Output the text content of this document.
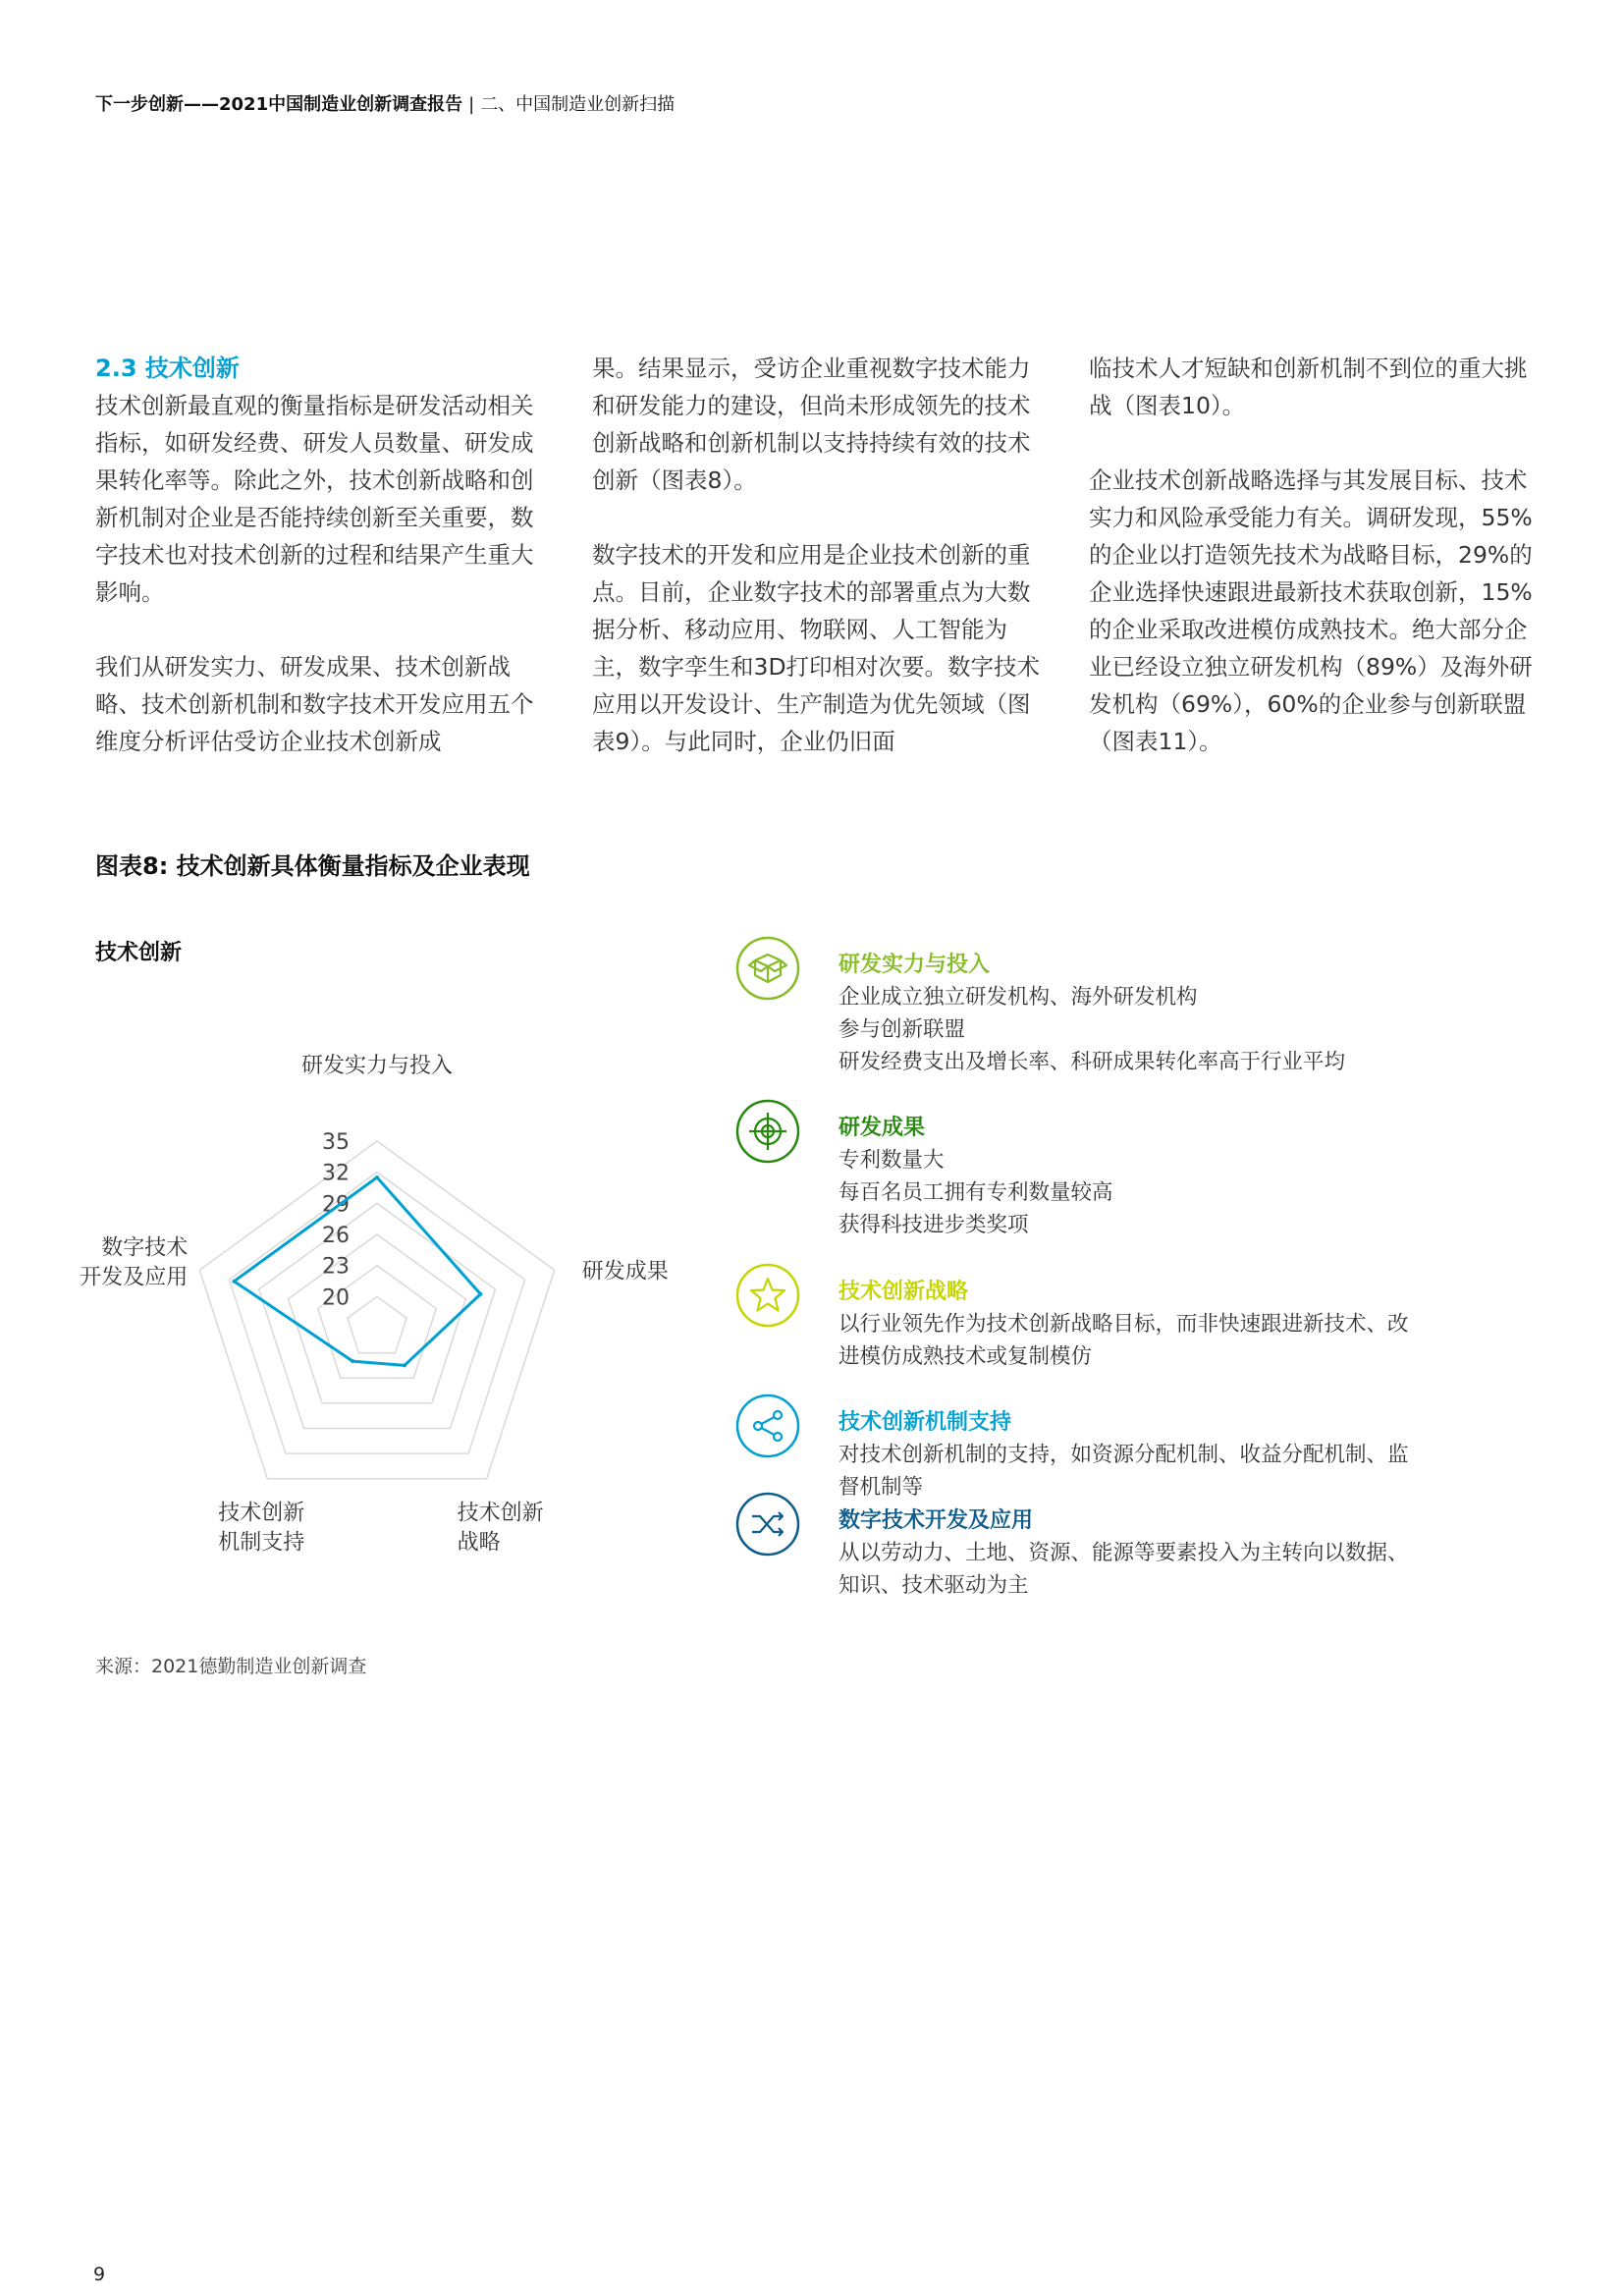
下一步创新——2021中国制造业创新调查报告 | 二、中国制造业创新扫描
2.3 技术创新

技术创新最直观的衡量指标是研发活动相关指标，如研发经费、研发人员数量、研发成果转化率等。除此之外，技术创新战略和创新机制对企业是否能持续创新至关重要，数字技术也对技术创新的过程和结果产生重大影响。

我们从研发实力、研发成果、技术创新战略、技术创新机制和数字技术开发应用五个维度分析评估受访企业技术创新成

果。结果显示，受访企业重视数字技术能力和研发能力的建设，但尚未形成领先的技术创新战略和创新机制以支持持续有效的技术创新（图表8）。

数字技术的开发和应用是企业技术创新的重点。目前，企业数字技术的部署重点为大数据分析、移动应用、物联网、人工智能为主，数字孪生和3D打印相对次要。数字技术应用以开发设计、生产制造为优先领域（图表9）。与此同时，企业仍旧面

临技术人才短缺和创新机制不到位的重大挑战（图表10）。

企业技术创新战略选择与其发展目标、技术实力和风险承受能力有关。调研发现，55%的企业以打造领先技术为战略目标，29%的企业选择快速跟进最新技术获取创新，15%的企业采取改进模仿成熟技术。绝大部分企业已经设立独立研发机构（89%）及海外研发机构（69%），60%的企业参与创新联盟（图表11）。

图表8: 技术创新具体衡量指标及企业表现
技术创新
20
23
26
29
32
35
研发实力与投入
研发成果
技术创新
战略
技术创新
机制支持
数字技术
开发及应用
研发实力与投入
企业成立独立研发机构、海外研发机构
参与创新联盟
研发经费支出及增长率、科研成果转化率高于行业平均
研发成果
专利数量大
每百名员工拥有专利数量较高
获得科技进步类奖项
技术创新战略
以行业领先作为技术创新战略目标，而非快速跟进新技术、改进模仿成熟技术或复制模仿
技术创新机制支持
对技术创新机制的支持，如资源分配机制、收益分配机制、监督机制等
数字技术开发及应用
从以劳动力、土地、资源、能源等要素投入为主转向以数据、知识、技术驱动为主
来源：2021德勤制造业创新调查
9
